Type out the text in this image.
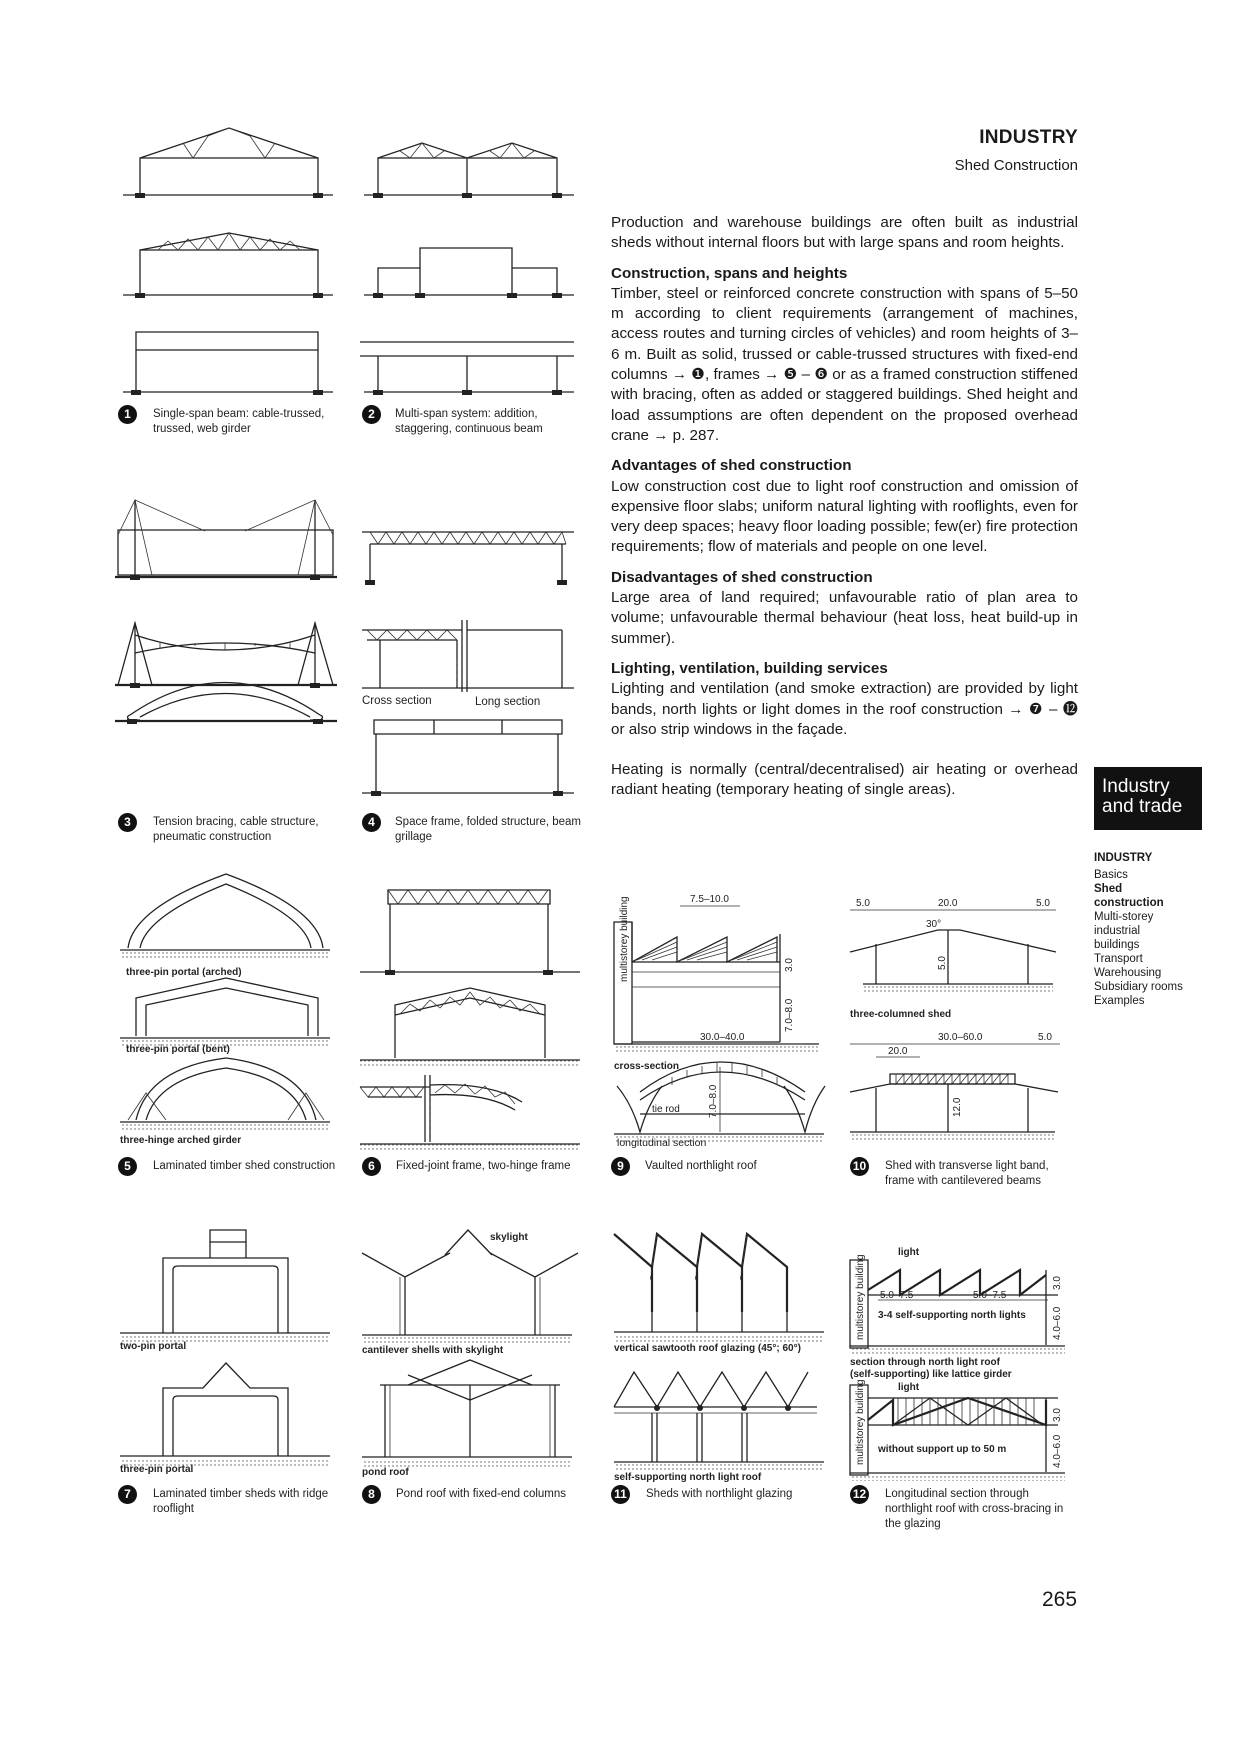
INDUSTRY
Shed Construction

Production and warehouse buildings are often built as industrial sheds without internal floors but with large spans and room heights.

Construction, spans and heights

Timber, steel or reinforced concrete construction with spans of 5–50 m according to client requirements (arrangement of machines, access routes and turning circles of vehicles) and room heights of 3–6 m. Built as solid, trussed or cable-trussed structures with fixed-end columns → ❶, frames → ❺ – ❻ or as a framed construction stiffened with bracing, often as added or staggered buildings. Shed height and load assumptions are often dependent on the proposed overhead crane → p. 287.

Advantages of shed construction

Low construction cost due to light roof construction and omission of expensive floor slabs; uniform natural lighting with rooflights, even for very deep spaces; heavy floor loading possible; few(er) fire protection requirements; flow of materials and people on one level.

Disadvantages of shed construction

Large area of land required; unfavourable ratio of plan area to volume; unfavourable thermal behaviour (heat loss, heat build-up in summer).

Lighting, ventilation, building services

Lighting and ventilation (and smoke extraction) are provided by light bands, north lights or light domes in the roof construction → ❼ – ⓬ or also strip windows in the façade.

Heating is normally (central/decentralised) air heating or overhead radiant heating (temporary heating of single areas).	Industry
and trade
INDUSTRY
Basics
Shed
construction
Multi-storey
industrial
buildings
Transport
Warehousing
Subsidiary rooms
Examples
265
1	Single-span beam: cable-trussed, trussed, web girder
2	Multi-span system: addition, staggering, continuous beam
3	Tension bracing, cable structure, pneumatic construction
Cross section	Long section
4	Space frame, folded structure, beam grillage
three-pin portal (arched)
three-pin portal (bent)
three-hinge arched girder
5	Laminated timber shed construction	6	Fixed-joint frame, two-hinge frame
multistorey building	7.5–10.0
7.0–8.0
3.0
cross-section
30.0–40.0
tie rod	7.0–8.0
longitudinal section
9	Vaulted northlight roof
5.0	20.0	5.0
30°
5.0
three-columned shed
30.0–60.0	5.0
20.0
12.0
10 Shed with transverse light band, frame with cantilevered beams
two-pin portal
three-pin portal
7	Laminated timber sheds with ridge rooflight
skylight
cantilever shells with skylight
pond roof
8	Pond roof with fixed-end columns
vertical sawtooth roof glazing (45°; 60°)
self-supporting north light roof
11 Sheds with northlight glazing
multistorey building
light
5.0–7.5	5.0–7.5
3-4 self-supporting north lights
3.0
4.0–6.0
section through north light roof
(self-supporting) like lattice girder
multistorey building	light
without support up to 50 m
3.0
4.0–6.0
12 Longitudinal section through northlight roof with cross-bracing in the glazing
